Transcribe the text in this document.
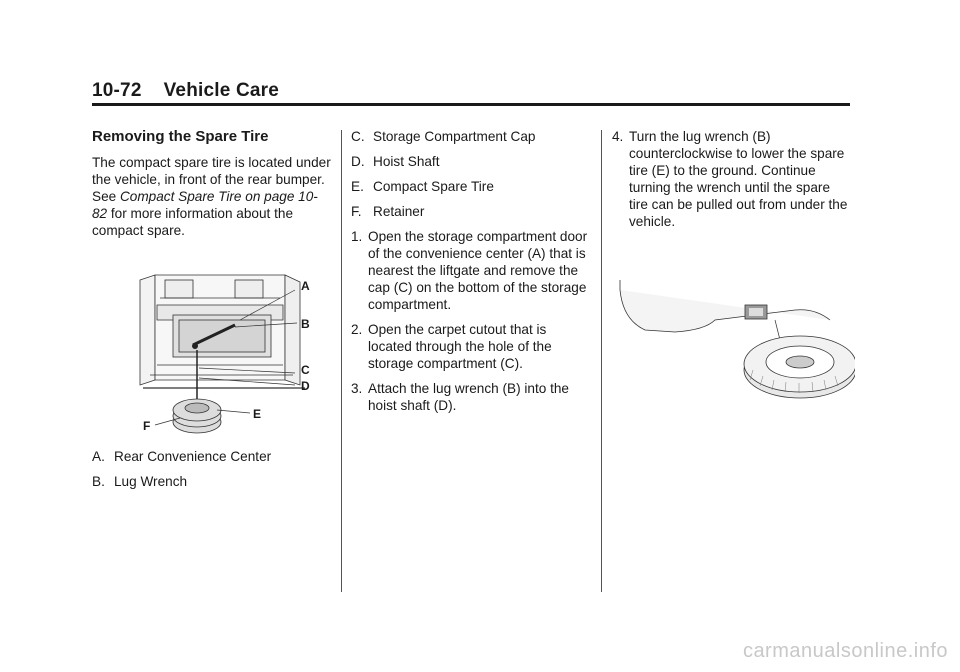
10-72 Vehicle Care
Removing the Spare Tire

The compact spare tire is located under the vehicle, in front of the rear bumper. See Compact Spare Tire on page 10-82 for more information about the compact spare.

A
B
C
D
E
F

A. Rear Convenience Center

B. Lug Wrench

C. Storage Compartment Cap

D. Hoist Shaft

E. Compact Spare Tire

F. Retainer

1. Open the storage compartment door of the convenience center (A) that is nearest the liftgate and remove the cap (C) on the bottom of the storage compartment.

2. Open the carpet cutout that is located through the hole of the storage compartment (C).

3. Attach the lug wrench (B) into the hoist shaft (D).

4. Turn the lug wrench (B) counterclockwise to lower the spare tire (E) to the ground. Continue turning the wrench until the spare tire can be pulled out from under the vehicle.

carmanualsonline.info
